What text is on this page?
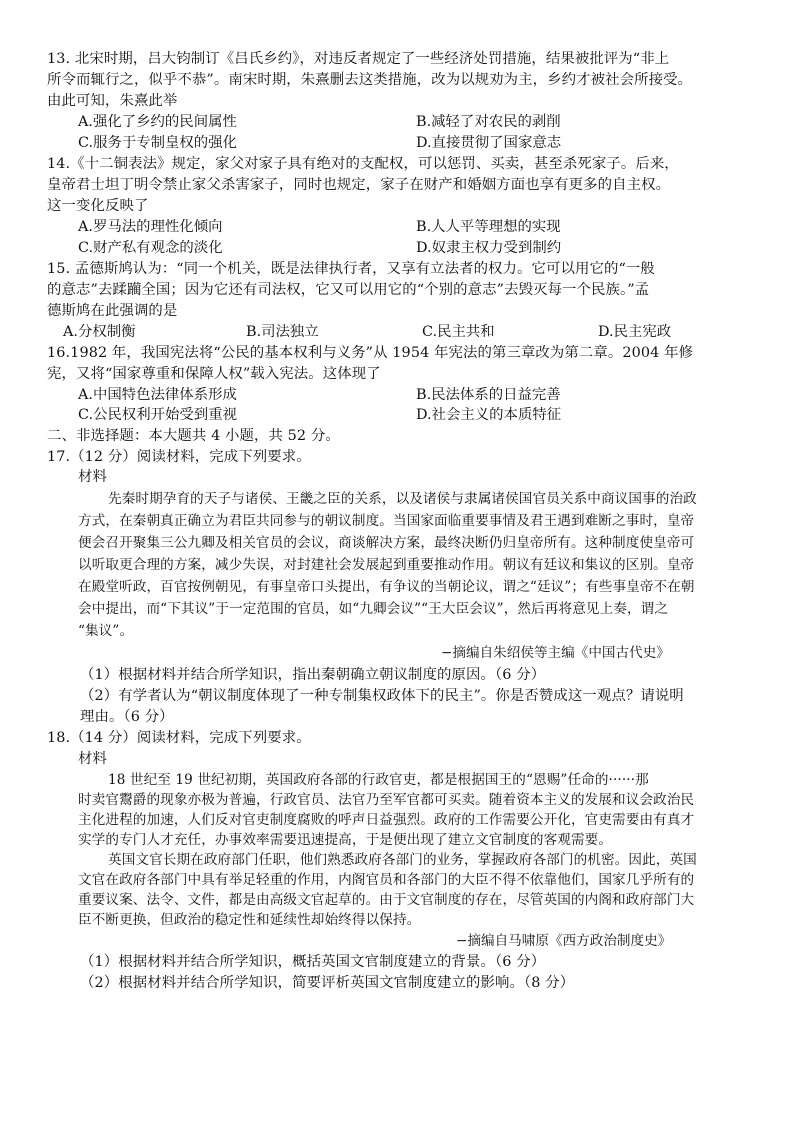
13. 北宋时期，吕大钧制订《吕氏乡约》，对违反者规定了一些经济处罚措施，结果被批评为“非上
所令而辄行之，似乎不恭”。南宋时期，朱熹删去这类措施，改为以规劝为主，乡约才被社会所接受。
由此可知，朱熹此举
A.强化了乡约的民间属性	B.减轻了对农民的剥削
C.服务于专制皇权的强化	D.直接贯彻了国家意志
14.《十二铜表法》规定，家父对家子具有绝对的支配权，可以惩罚、买卖，甚至杀死家子。后来，
皇帝君士坦丁明令禁止家父杀害家子，同时也规定，家子在财产和婚姻方面也享有更多的自主权。
这一变化反映了
A.罗马法的理性化倾向	B.人人平等理想的实现
C.财产私有观念的淡化	D.奴隶主权力受到制约
15. 孟德斯鸠认为：“同一个机关，既是法律执行者，又享有立法者的权力。它可以用它的“一般
的意志”去蹂躏全国；因为它还有司法权，它又可以用它的“个别的意志”去毁灭每一个民族。”孟
德斯鸠在此强调的是
A.分权制衡	B.司法独立	C.民主共和	D.民主宪政
16.1982 年，我国宪法将“公民的基本权利与义务”从 1954 年宪法的第三章改为第二章。2004 年修
宪，又将“国家尊重和保障人权”载入宪法。这体现了
A.中国特色法律体系形成	B.民法体系的日益完善
C.公民权利开始受到重视	D.社会主义的本质特征
二、非选择题：本大题共 4 小题，共 52 分。
17.（12 分）阅读材料，完成下列要求。
材料
先秦时期孕育的天子与诸侯、王畿之臣的关系，以及诸侯与隶属诸侯国官员关系中商议国事的治政
方式，在秦朝真正确立为君臣共同参与的朝议制度。当国家面临重要事情及君王遇到难断之事时，皇帝
便会召开聚集三公九卿及相关官员的会议，商谈解决方案，最终决断仍归皇帝所有。这种制度使皇帝可
以听取更合理的方案，减少失误，对封建社会发展起到重要推动作用。朝议有廷议和集议的区别。皇帝
在殿堂听政，百官按例朝见，有事皇帝口头提出，有争议的当朝论议，谓之“廷议”；有些事皇帝不在朝
会中提出，而“下其议”于一定范围的官员，如“九卿会议”“王大臣会议”，然后再将意见上奏，谓之
“集议”。
−摘编自朱绍侯等主编《中国古代史》
（1）根据材料并结合所学知识，指出秦朝确立朝议制度的原因。（6 分）
（2）有学者认为“朝议制度体现了一种专制集权政体下的民主”。你是否赞成这一观点？请说明
理由。（6 分）
18.（14 分）阅读材料，完成下列要求。
材料
18 世纪至 19 世纪初期，英国政府各部的行政官吏，都是根据国王的“恩赐”任命的······那
时卖官鬻爵的现象亦极为普遍，行政官员、法官乃至军官都可买卖。随着资本主义的发展和议会政治民
主化进程的加速，人们反对官吏制度腐败的呼声日益强烈。政府的工作需要公开化，官吏需要由有真才
实学的专门人才充任，办事效率需要迅速提高，于是便出现了建立文官制度的客观需要。
英国文官长期在政府部门任职，他们熟悉政府各部门的业务，掌握政府各部门的机密。因此，英国
文官在政府各部门中具有举足轻重的作用，内阁官员和各部门的大臣不得不依靠他们，国家几乎所有的
重要议案、法令、文件，都是由高级文官起草的。由于文官制度的存在，尽管英国的内阁和政府部门大
臣不断更换，但政治的稳定性和延续性却始终得以保持。
−摘编自马啸原《西方政治制度史》
（1）根据材料并结合所学知识，概括英国文官制度建立的背景。（6 分）
（2）根据材料并结合所学知识，简要评析英国文官制度建立的影响。（8 分）
